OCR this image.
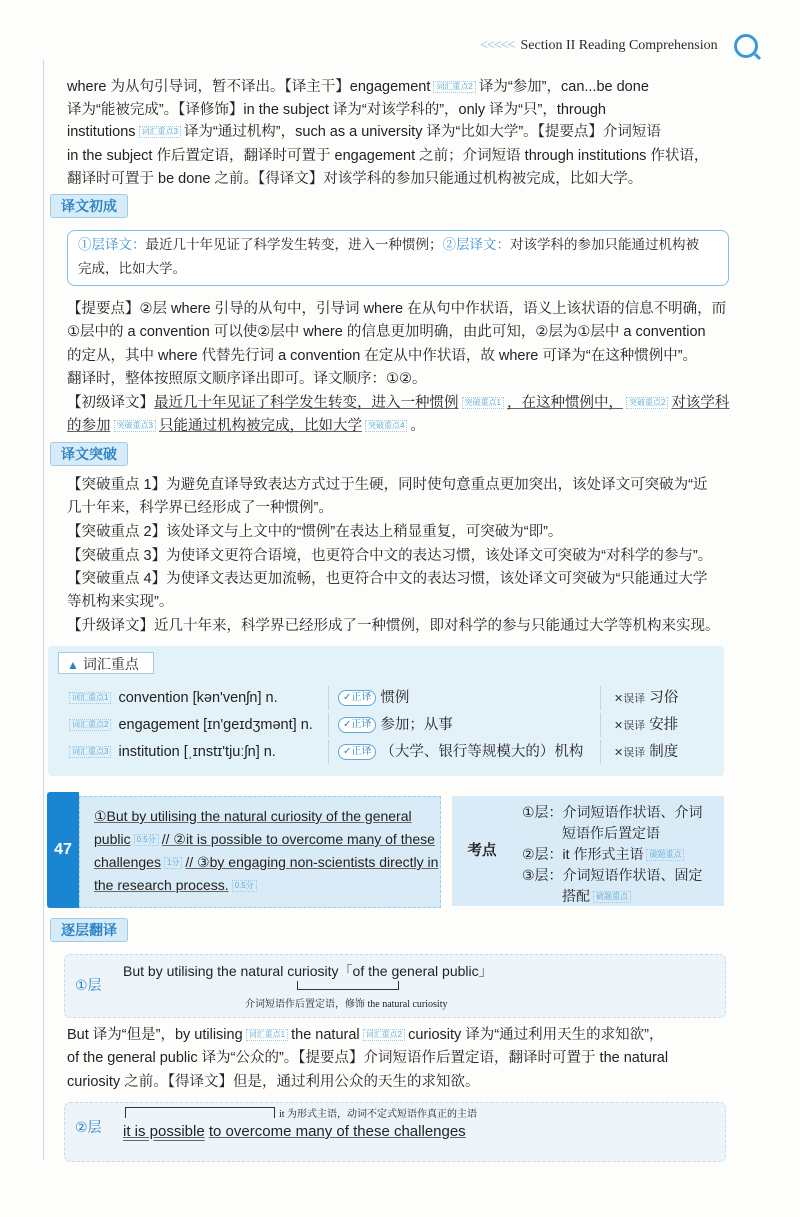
<<<<< Section II Reading Comprehension
where 为从句引导词，暂不译出。【译主干】engagement 词汇重点2 译为“参加”，can...be done
译为“能被完成”。【译修饰】in the subject 译为“对该学科的”，only 译为“只”，through
institutions 词汇重点3 译为“通过机构”，such as a university 译为“比如大学”。【提要点】介词短语
in the subject 作后置定语，翻译时可置于 engagement 之前；介词短语 through institutions 作状语，
翻译时可置于 be done 之前。【得译文】对该学科的参加只能通过机构被完成，比如大学。
译文初成
①层译文：最近几十年见证了科学发生转变，进入一种惯例；②层译文：对该学科的参加只能通过机构被
完成，比如大学。
【提要点】②层 where 引导的从句中，引导词 where 在从句中作状语，语义上该状语的信息不明确，而
①层中的 a convention 可以使②层中 where 的信息更加明确，由此可知，②层为①层中 a convention
的定从，其中 where 代替先行词 a convention 在定从中作状语，故 where 可译为“在这种惯例中”。
翻译时，整体按照原文顺序译出即可。译文顺序：①②。
【初级译文】最近几十年见证了科学发生转变，进入一种惯例 突破重点1 ，在这种惯例中， 突破重点2 对该学科
的参加 突破重点3 只能通过机构被完成，比如大学 突破重点4 。
译文突破
【突破重点 1】为避免直译导致表达方式过于生硬，同时使句意重点更加突出，该处译文可突破为“近
几十年来，科学界已经形成了一种惯例”。
【突破重点 2】该处译文与上文中的“惯例”在表达上稍显重复，可突破为“即”。
【突破重点 3】为使译文更符合语境，也更符合中文的表达习惯，该处译文可突破为“对科学的参与”。
【突破重点 4】为使译文表达更加流畅，也更符合中文的表达习惯，该处译文可突破为“只能通过大学
等机构来实现”。
【升级译文】近几十年来，科学界已经形成了一种惯例，即对科学的参与只能通过大学等机构来实现。
▲ 词汇重点
词汇重点1 convention [kən'venʃn] n.	✓正译 惯例	✕误译 习俗
词汇重点2 engagement [ɪn'ɡeɪdʒmənt] n.	✓正译 参加；从事	✕误译 安排
词汇重点3 institution [ˌɪnstɪ'tjuːʃn] n.	✓正译 （大学、银行等规模大的）机构	✕误译 制度
47
①But by utilising the natural curiosity of the general
public 0.5分 // ②it is possible to overcome many of these
challenges 1分 // ③by engaging non-scientists directly in
the research process. 0.5分
考点
①层：介词短语作状语、介词
短语作后置定语
②层：it 作形式主语 破题重点
③层：介词短语作状语、固定
搭配 破题重点
逐层翻译
①层
But by utilising the natural curiosity「of the general public」
介词短语作后置定语，修饰 the natural curiosity
But 译为“但是”，by utilising 词汇重点1 the natural 词汇重点2 curiosity 译为“通过利用天生的求知欲”，
of the general public 译为“公众的”。【提要点】介词短语作后置定语，翻译时可置于 the natural
curiosity 之前。【得译文】但是，通过利用公众的天生的求知欲。
②层
it 为形式主语，动词不定式短语作真正的主语
it is possible to overcome many of these challenges
